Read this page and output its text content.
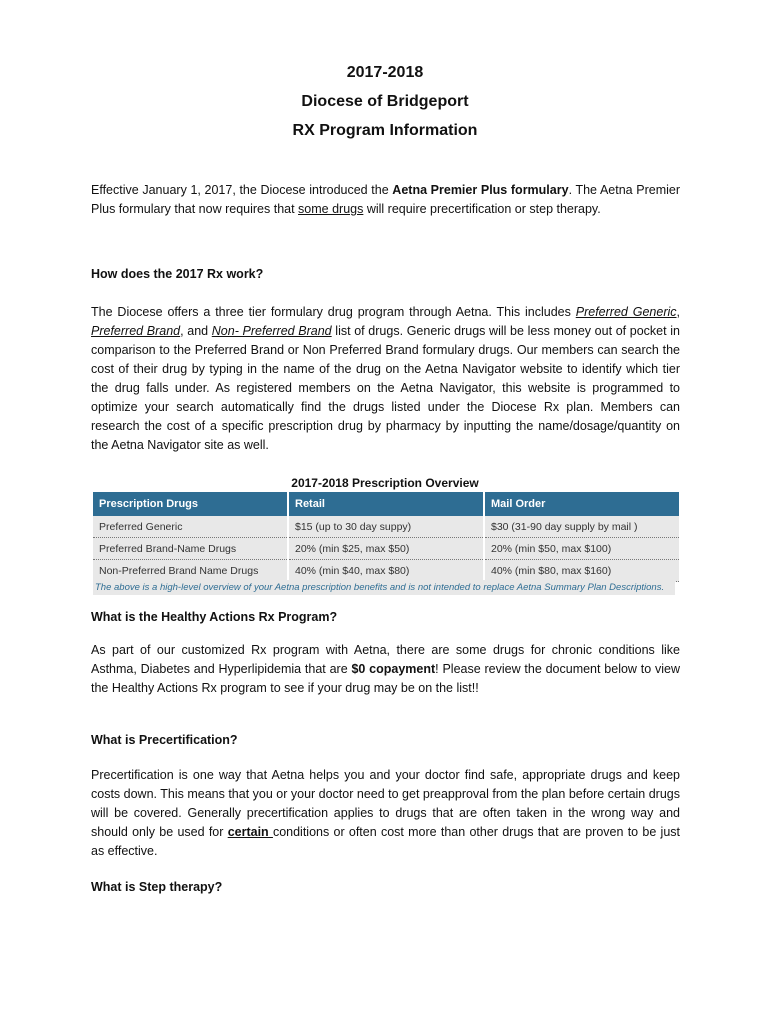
2017-2018
Diocese of Bridgeport
RX Program Information

Effective January 1, 2017, the Diocese introduced the Aetna Premier Plus formulary. The Aetna Premier Plus formulary that now requires that some drugs will require precertification or step therapy.

How does the 2017 Rx work?

The Diocese offers a three tier formulary drug program through Aetna. This includes Preferred Generic, Preferred Brand, and Non- Preferred Brand list of drugs. Generic drugs will be less money out of pocket in comparison to the Preferred Brand or Non Preferred Brand formulary drugs. Our members can search the cost of their drug by typing in the name of the drug on the Aetna Navigator website to identify which tier the drug falls under. As registered members on the Aetna Navigator, this website is programmed to optimize your search automatically find the drugs listed under the Diocese Rx plan. Members can research the cost of a specific prescription drug by pharmacy by inputting the name/dosage/quantity on the Aetna Navigator site as well.

2017-2018 Prescription Overview
Prescription Drugs	Retail	Mail Order
Preferred Generic	$15 (up to 30 day suppy)	$30 (31-90 day supply by mail )
Preferred Brand-Name Drugs	20% (min $25, max $50)	20% (min $50, max $100)
Non-Preferred Brand Name Drugs	40% (min $40, max $80)	40% (min $80, max $160)
The above is a high-level overview of your Aetna prescription benefits and is not intended to replace Aetna Summary Plan Descriptions.
What is the Healthy Actions Rx Program?

As part of our customized Rx program with Aetna, there are some drugs for chronic conditions like Asthma, Diabetes and Hyperlipidemia that are $0 copayment! Please review the document below to view the Healthy Actions Rx program to see if your drug may be on the list!!

What is Precertification?

Precertification is one way that Aetna helps you and your doctor find safe, appropriate drugs and keep costs down. This means that you or your doctor need to get preapproval from the plan before certain drugs will be covered. Generally precertification applies to drugs that are often taken in the wrong way and should only be used for certain conditions or often cost more than other drugs that are proven to be just as effective.

What is Step therapy?
